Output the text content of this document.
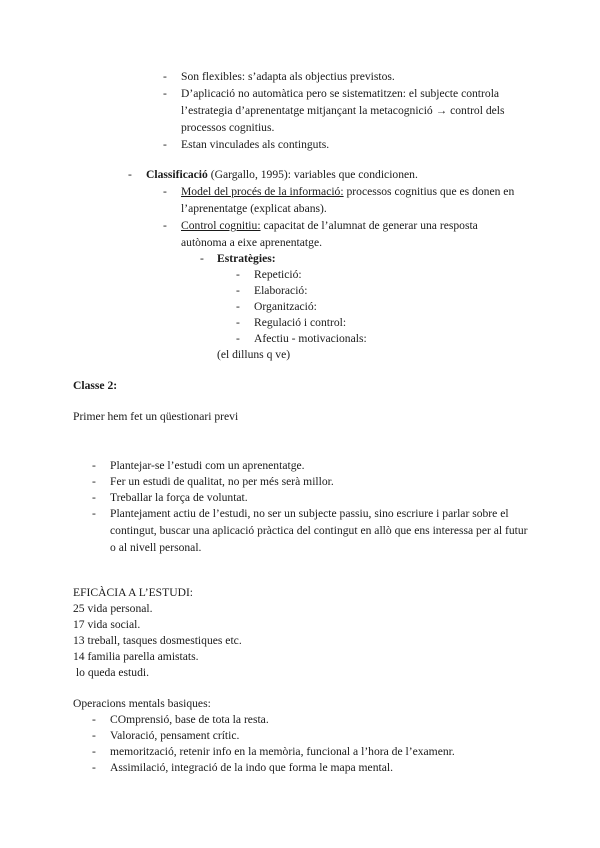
- Son flexibles: s’adapta als objectius previstos.
- D’aplicació no automàtica pero se sistematitzen: el subjecte controla l’estrategia d’aprenentatge mitjançant la metacognició → control dels processos cognitius.
- Estan vinculades als continguts.
- Classificació (Gargallo, 1995): variables que condicionen.
- Model del procés de la informació: processos cognitius que es donen en l’aprenentatge (explicat abans).
- Control cognitiu: capacitat de l’alumnat de generar una resposta autònoma a eixe aprenentatge.
- Estratègies:
- Repetició:
- Elaboració:
- Organització:
- Regulació i control:
- Afectiu - motivacionals:
(el dilluns q ve)
Classe 2:
Primer hem fet un qüestionari previ
- Plantejar-se l’estudi com un aprenentatge.
- Fer un estudi de qualitat, no per més serà millor.
- Treballar la força de voluntat.
- Plantejament actiu de l’estudi, no ser un subjecte passiu, sino escriure i parlar sobre el contingut, buscar una aplicació pràctica del contingut en allò que ens interessa per al futur o al nivell personal.
EFICÀCIA A L’ESTUDI:
25 vida personal.
17 vida social.
13 treball, tasques dosmestiques etc.
14 familia parella amistats.
lo queda estudi.
Operacions mentals basiques:
- COmprensió, base de tota la resta.
- Valoració, pensament crític.
- memorització, retenir info en la memòria, funcional a l’hora de l’examenr.
- Assimilació, integració de la indo que forma le mapa mental.
